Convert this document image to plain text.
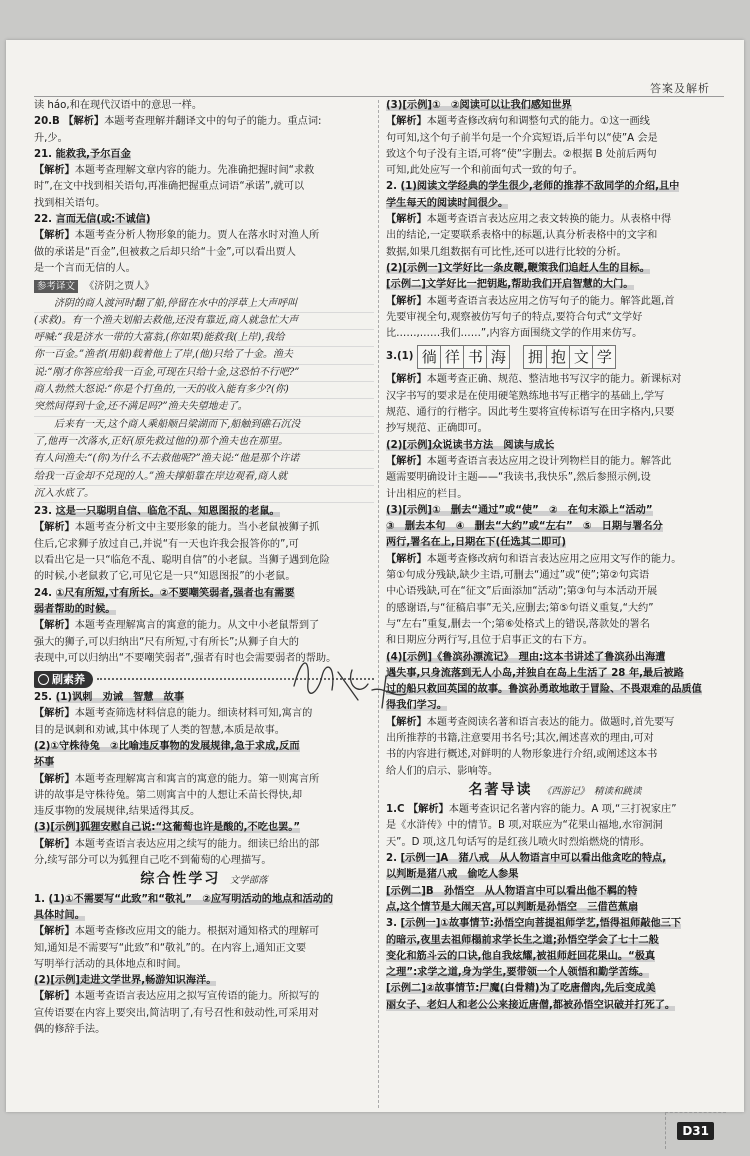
答案及解析

读 háo,和在现代汉语中的意思一样。

20.B 【解析】本题考查理解并翻译文中的句子的能力。重点词:

升,少。

21. 能救我,予尔百金

【解析】本题考查理解文章内容的能力。先准确把握时间“求救

时”,在文中找到相关语句,再准确把握重点词语“承诺”,就可以

找到相关语句。

22. 言而无信(或:不诚信)

【解析】本题考查分析人物形象的能力。贾人在落水时对渔人所

做的承诺是“百金”,但被救之后却只给“十金”,可以看出贾人

是一个言而无信的人。

参考译文 《济阴之贾人》
济阴的商人渡河时翻了船,停留在水中的浮草上大声呼叫
(求救)。有一个渔夫划船去救他,还没有靠近,商人就急忙大声
呼喊:“我是济水一带的大富翁,(你如果)能救我(上岸),我给
你一百金。”渔者(用船)载着他上了岸,(他)只给了十金。渔夫
说:“刚才你答应给我一百金,可现在只给十金,这恐怕不行吧?”
商人勃然大怒说:“你是个打鱼的,一天的收入能有多少?(你)
突然间得到十金,还不满足吗?”渔夫失望地走了。
后来有一天,这个商人乘船顺吕梁湖而下,船触到礁石沉没
了,他再一次落水,正好(原先救过他的)那个渔夫也在那里。
有人问渔夫:“(你)为什么不去救他呢?”渔夫说:“他是那个许诺
给我一百金却不兑现的人。”渔夫撑船靠在岸边观看,商人就
沉入水底了。

23. 这是一只聪明自信、临危不乱、知恩图报的老鼠。

【解析】本题考查分析文中主要形象的能力。当小老鼠被狮子抓

住后,它求狮子放过自己,并说“有一天也许我会报答你的”,可

以看出它是一只“临危不乱、聪明自信”的小老鼠。当狮子遇到危险

的时候,小老鼠救了它,可见它是一只“知恩图报”的小老鼠。

24. ①尺有所短,寸有所长。②不要嘲笑弱者,强者也有需要

弱者帮助的时候。

【解析】本题考查理解寓言的寓意的能力。从文中小老鼠帮到了

强大的狮子,可以归纳出“尺有所短,寸有所长”;从狮子自大的

表现中,可以归纳出“不要嘲笑弱者”,强者有时也会需要弱者的帮助。

刷素养

25. (1)讽刺　劝诫　智慧　故事

【解析】本题考查筛选材料信息的能力。细读材料可知,寓言的

目的是讽刺和劝诫,其中体现了人类的智慧,本质是故事。

(2)①守株待兔　②比喻违反事物的发展规律,急于求成,反而

坏事

【解析】本题考查理解寓言和寓言的寓意的能力。第一则寓言所

讲的故事是守株待兔。第二则寓言中的人想让禾苗长得快,却

违反事物的发展规律,结果适得其反。

(3)[示例]狐狸安慰自己说:“这葡萄也许是酸的,不吃也罢。”

【解析】本题考查语言表达应用之续写的能力。细读已给出的部

分,续写部分可以为狐狸自己吃不到葡萄的心理描写。

综合性学习 文学部落

1. (1)①不需要写“此致”和“敬礼”　②应写明活动的地点和活动的

具体时间。

【解析】本题考查修改应用文的能力。根据对通知格式的理解可

知,通知是不需要写“此致”和“敬礼”的。在内容上,通知正文要

写明举行活动的具体地点和时间。

(2)[示例]走进文学世界,畅游知识海洋。

【解析】本题考查语言表达应用之拟写宣传语的能力。所拟写的

宣传语要在内容上要突出,简洁明了,有号召性和鼓动性,可采用对

偶的修辞手法。

(3)[示例]①　②阅读可以让我们感知世界

【解析】本题考查修改病句和调整句式的能力。①这一画线

句可知,这个句子前半句是一个介宾短语,后半句以“使”A 会是

致这个句子没有主语,可将“使”字删去。②根据 B 处前后两句

可知,此处应写一个和前面句式一致的句子。

2. (1)阅读文学经典的学生很少,老师的推荐不敌同学的介绍,且中

学生每天的阅读时间很少。

【解析】本题考查语言表达应用之表文转换的能力。从表格中得

出的结论,一定要联系表格中的标题,认真分析表格中的文字和

数据,如果几组数据有可比性,还可以进行比较的分析。

(2)[示例一]文学好比一条皮鞭,鞭策我们追赶人生的目标。

[示例二]文学好比一把钥匙,帮助我们开启智慧的大门。

【解析】本题考查语言表达应用之仿写句子的能力。解答此题,首

先要审视全句,观察被仿写句子的特点,要符合句式“文学好

比……,……我们……”,内容方面围绕文学的作用来仿写。

3.(1) 徜 徉 书 海	拥 抱 文 学

【解析】本题考查正确、规范、整洁地书写汉字的能力。新课标对

汉字书写的要求是在使用硬笔熟练地书写正楷字的基础上,学写

规范、通行的行楷字。因此考生要将宣传标语写在田字格内,只要

抄写规范、正确即可。

(2)[示例]众说读书方法　阅读与成长

【解析】本题考查语言表达应用之设计列物栏目的能力。解答此

题需要明确设计主题——“我读书,我快乐”,然后参照示例,设

计出相应的栏目。

(3)[示例]①　删去“通过”或“使”　②　在句末添上“活动”

③　删去本句　④　删去“大约”或“左右”　⑤　日期与署名分

两行,署名在上,日期在下(任选其二即可)

【解析】本题考查修改病句和语言表达应用之应用文写作的能力。

第①句成分残缺,缺少主语,可删去“通过”或“使”;第②句宾语

中心语残缺,可在“征文”后面添加“活动”;第③句与本活动开展

的感谢语,与“征稿启事”无关,应删去;第⑤句语义重复,“大约”

与“左右”重复,删去一个;第⑥处格式上的错误,落款处的署名

和日期应分两行写,且位于启事正文的右下方。

(4)[示例]《鲁滨孙漂流记》　理由:这本书讲述了鲁滨孙出海遭

遇失事,只身流落到无人小岛,并独自在岛上生活了 28 年,最后被路

过的船只救回英国的故事。鲁滨孙勇敢地敢于冒险、不畏艰难的品质值

得我们学习。

【解析】本题考查阅读名著和语言表达的能力。做题时,首先要写

出所推荐的书籍,注意要用书名号;其次,阐述喜欢的理由,可对

书的内容进行概述,对鲜明的人物形象进行介绍,或阐述这本书

给人们的启示、影响等。

名著导读 《西游记》　精读和跳读

1.C 【解析】本题考查识记名著内容的能力。A 项,“三打祝家庄”

是《水浒传》中的情节。B 项,对联应为“花果山福地,水帘洞洞

天”。D 项,这几句话写的是红孩儿喷火时烈焰燃烧的情形。

2. [示例一]A　猪八戒　从人物语言中可以看出他贪吃的特点,

以判断是猪八戒　偷吃人参果

[示例二]B　孙悟空　从人物语言中可以看出他不羁的特

点,这个情节是大闹天宫,可以判断是孙悟空　三借芭蕉扇

3. [示例一]①故事情节:孙悟空向菩提祖师学艺,悟得祖师敲他三下

的暗示,夜里去祖师榻前求学长生之道;孙悟空学会了七十二般

变化和筋斗云的口诀,他自我炫耀,被祖师赶回花果山。“极真

之理”:求学之道,身为学生,要带领一个人领悟和勤学苦练。

[示例二]②故事情节:尸魔(白骨精)为了吃唐僧肉,先后变成美

丽女子、老妇人和老公公来接近唐僧,都被孙悟空识破并打死了。

D31
